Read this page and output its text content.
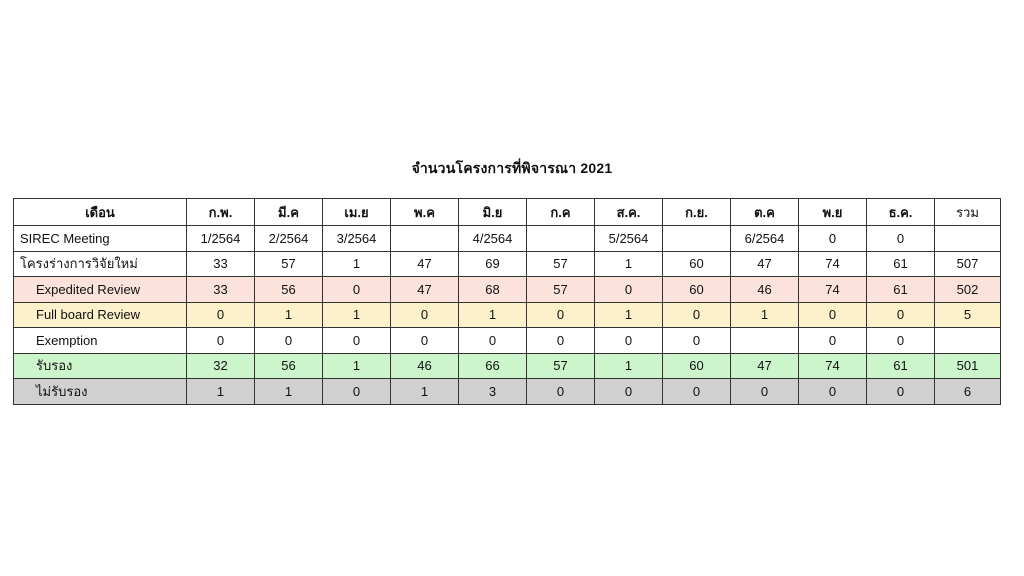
จำนวนโครงการที่พิจารณา 2021
เดือน	ก.พ.	มี.ค	เม.ย	พ.ค	มิ.ย	ก.ค	ส.ค.	ก.ย.	ต.ค	พ.ย	ธ.ค.	รวม
SIREC Meeting	1/2564	2/2564	3/2564		4/2564		5/2564		6/2564	0	0	
โครงร่างการวิจัยใหม่	33	57	1	47	69	57	1	60	47	74	61	507
Expedited Review	33	56	0	47	68	57	0	60	46	74	61	502
Full board Review	0	1	1	0	1	0	1	0	1	0	0	5
Exemption	0	0	0	0	0	0	0	0		0	0	
รับรอง	32	56	1	46	66	57	1	60	47	74	61	501
ไม่รับรอง	1	1	0	1	3	0	0	0	0	0	0	6
